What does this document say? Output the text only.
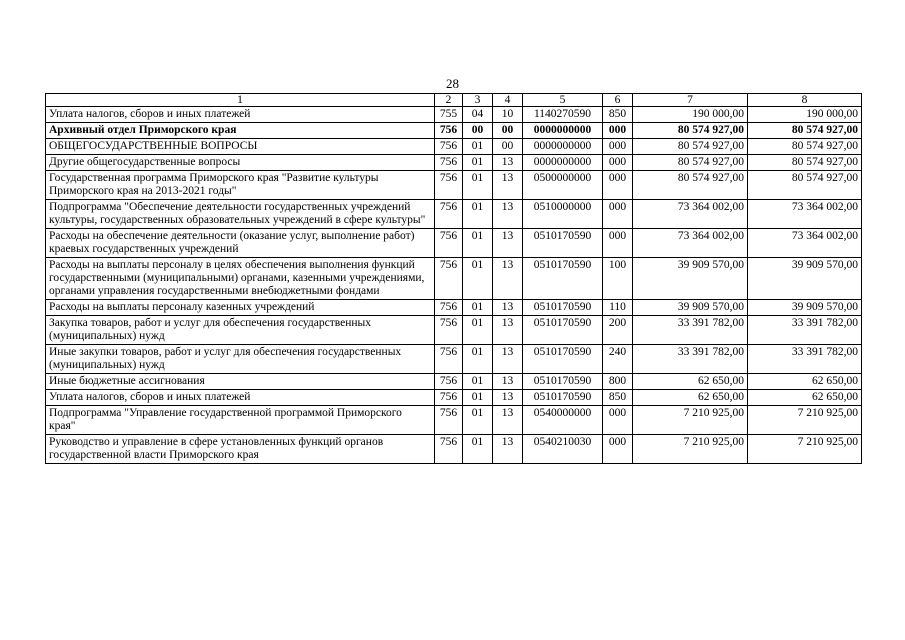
28
1	2	3	4	5	6	7	8
Уплата налогов, сборов и иных платежей	755	04	10	1140270590	850	190 000,00	190 000,00
Архивный отдел Приморского края	756	00	00	0000000000	000	80 574 927,00	80 574 927,00
ОБЩЕГОСУДАРСТВЕННЫЕ ВОПРОСЫ	756	01	00	0000000000	000	80 574 927,00	80 574 927,00
Другие общегосударственные вопросы	756	01	13	0000000000	000	80 574 927,00	80 574 927,00
Государственная программа Приморского края "Развитие культуры Приморского края на 2013-2021 годы"	756	01	13	0500000000	000	80 574 927,00	80 574 927,00
Подпрограмма "Обеспечение деятельности государственных учреждений культуры, государственных образовательных учреждений в сфере культуры"	756	01	13	0510000000	000	73 364 002,00	73 364 002,00
Расходы на обеспечение деятельности (оказание услуг, выполнение работ) краевых государственных учреждений	756	01	13	0510170590	000	73 364 002,00	73 364 002,00
Расходы на выплаты персоналу в целях обеспечения выполнения функций государственными (муниципальными) органами, казенными учреждениями, органами управления государственными внебюджетными фондами	756	01	13	0510170590	100	39 909 570,00	39 909 570,00
Расходы на выплаты персоналу казенных учреждений	756	01	13	0510170590	110	39 909 570,00	39 909 570,00
Закупка товаров, работ и услуг для обеспечения государственных (муниципальных) нужд	756	01	13	0510170590	200	33 391 782,00	33 391 782,00
Иные закупки товаров, работ и услуг для обеспечения государственных (муниципальных) нужд	756	01	13	0510170590	240	33 391 782,00	33 391 782,00
Иные бюджетные ассигнования	756	01	13	0510170590	800	62 650,00	62 650,00
Уплата налогов, сборов и иных платежей	756	01	13	0510170590	850	62 650,00	62 650,00
Подпрограмма "Управление государственной программой Приморского края"	756	01	13	0540000000	000	7 210 925,00	7 210 925,00
Руководство и управление в сфере установленных функций органов государственной власти Приморского края	756	01	13	0540210030	000	7 210 925,00	7 210 925,00
